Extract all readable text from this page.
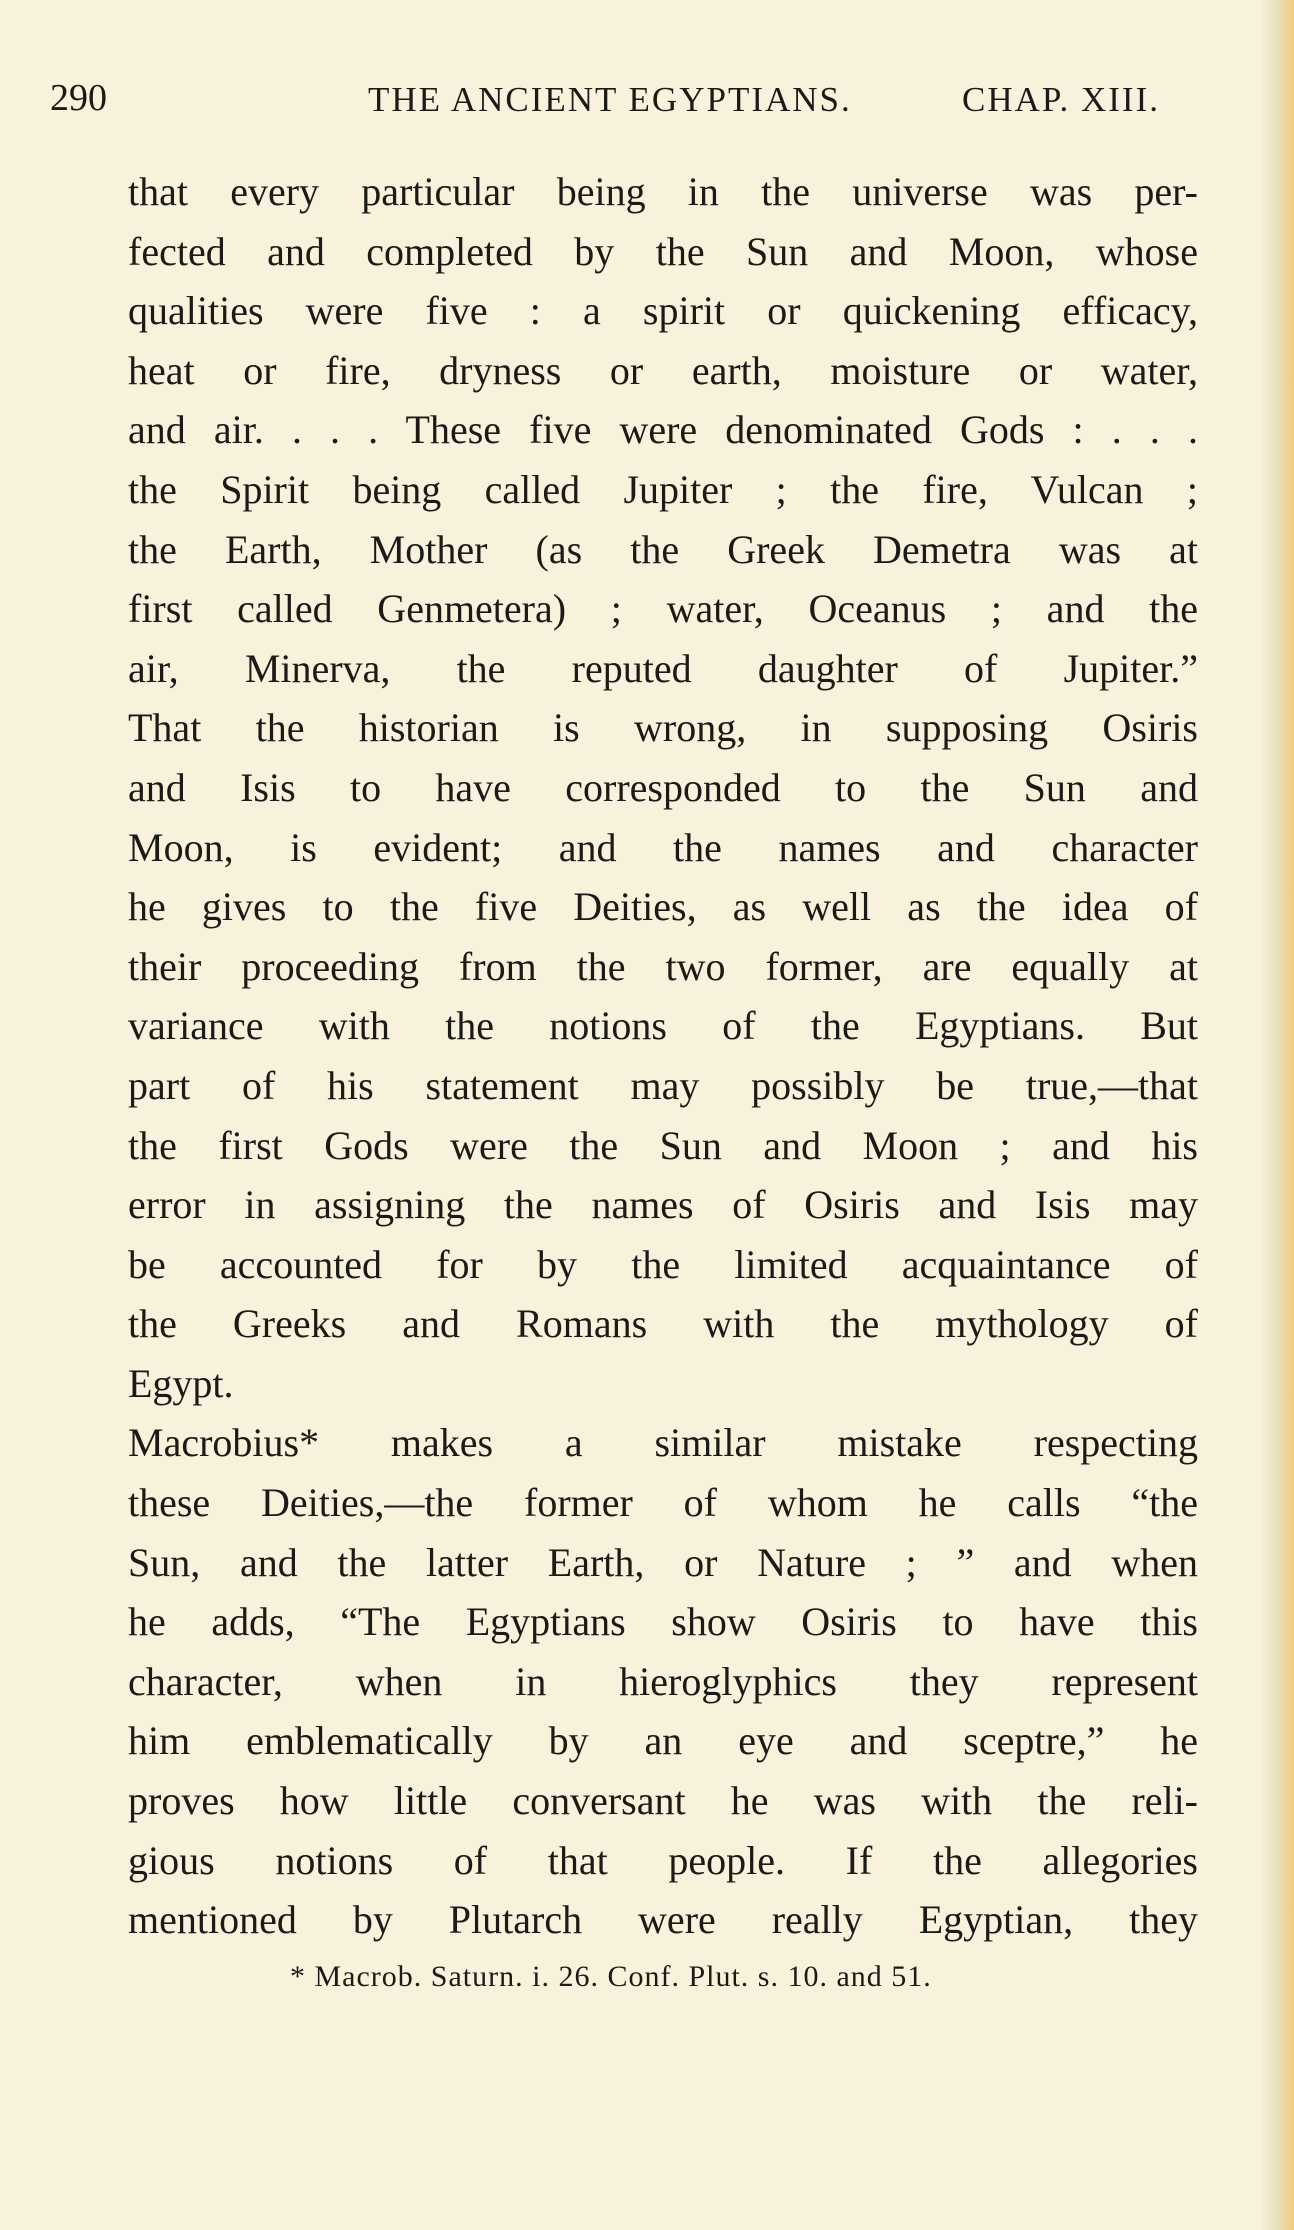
290	THE ANCIENT EGYPTIANS.	CHAP. XIII.
that every particular being in the universe was per-
fected and completed by the Sun and Moon, whose
qualities were five : a spirit or quickening efficacy,
heat or fire, dryness or earth, moisture or water,
and air. . . . These five were denominated Gods : . . .
the Spirit being called Jupiter ; the fire, Vulcan ;
the Earth, Mother (as the Greek Demetra was at
first called Genmetera) ; water, Oceanus ; and the
air, Minerva, the reputed daughter of Jupiter.”
That the historian is wrong, in supposing Osiris
and Isis to have corresponded to the Sun and
Moon, is evident; and the names and character
he gives to the five Deities, as well as the idea of
their proceeding from the two former, are equally at
variance with the notions of the Egyptians. But
part of his statement may possibly be true,—that
the first Gods were the Sun and Moon ; and his
error in assigning the names of Osiris and Isis may
be accounted for by the limited acquaintance of
the Greeks and Romans with the mythology of
Egypt.
Macrobius* makes a similar mistake respecting
these Deities,—the former of whom he calls “the
Sun, and the latter Earth, or Nature ; ” and when
he adds, “The Egyptians show Osiris to have this
character, when in hieroglyphics they represent
him emblematically by an eye and sceptre,” he
proves how little conversant he was with the reli-
gious notions of that people. If the allegories
mentioned by Plutarch were really Egyptian, they
* Macrob. Saturn. i. 26. Conf. Plut. s. 10. and 51.
